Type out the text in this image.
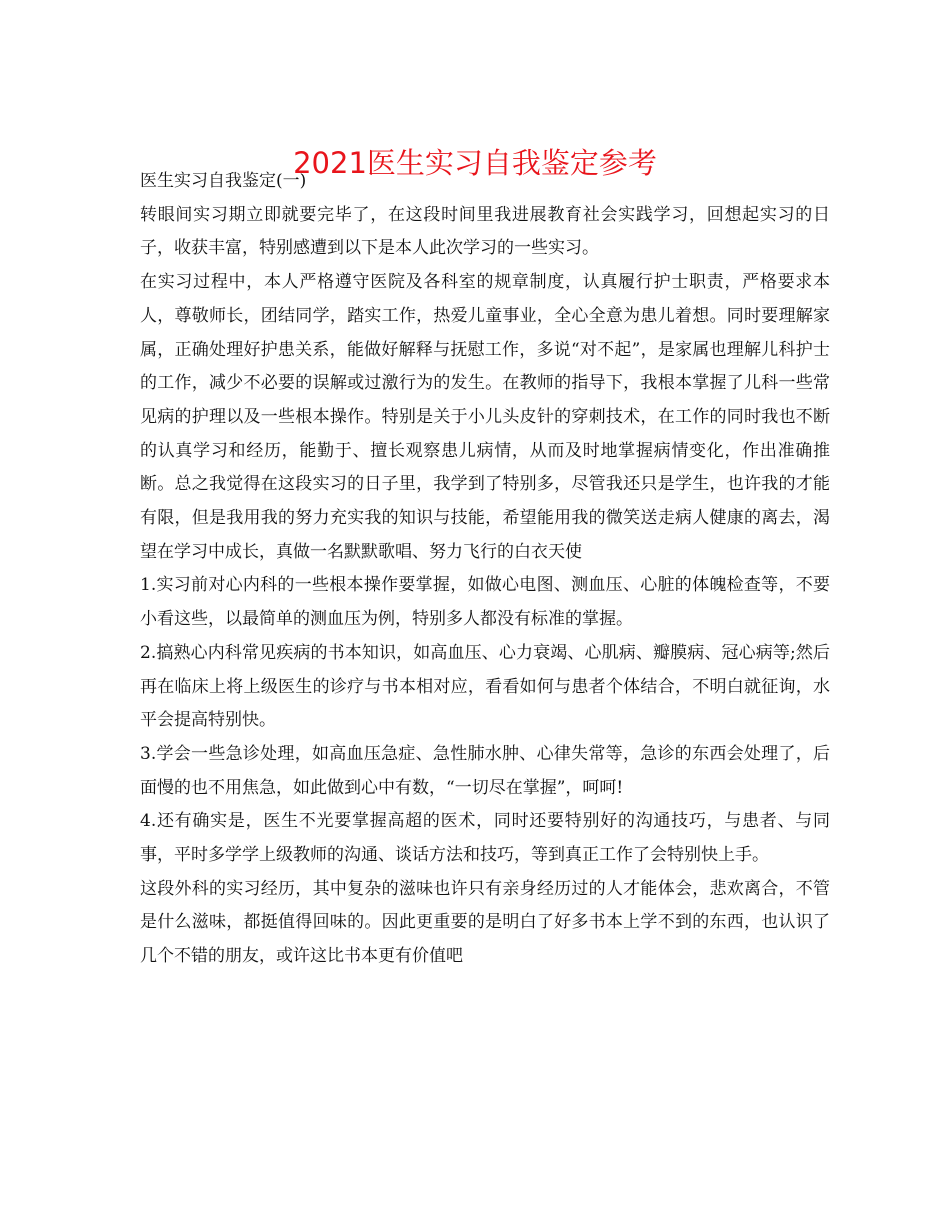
2021医生实习自我鉴定参考

医生实习自我鉴定(一)

转眼间实习期立即就要完毕了，在这段时间里我进展教育社会实践学习，回想起实习的日子，收获丰富，特别感遭到以下是本人此次学习的一些实习。

在实习过程中，本人严格遵守医院及各科室的规章制度，认真履行护士职责，严格要求本人，尊敬师长，团结同学，踏实工作，热爱儿童事业，全心全意为患儿着想。同时要理解家属，正确处理好护患关系，能做好解释与抚慰工作，多说“对不起”，是家属也理解儿科护士的工作，减少不必要的误解或过激行为的发生。在教师的指导下，我根本掌握了儿科一些常见病的护理以及一些根本操作。特别是关于小儿头皮针的穿刺技术，在工作的同时我也不断的认真学习和经历，能勤于、擅长观察患儿病情，从而及时地掌握病情变化，作出准确推断。总之我觉得在这段实习的日子里，我学到了特别多，尽管我还只是学生，也许我的才能有限，但是我用我的努力充实我的知识与技能，希望能用我的微笑送走病人健康的离去，渴望在学习中成长，真做一名默默歌唱、努力飞行的白衣天使

1.实习前对心内科的一些根本操作要掌握，如做心电图、测血压、心脏的体魄检查等，不要小看这些，以最简单的测血压为例，特别多人都没有标准的掌握。

2.搞熟心内科常见疾病的书本知识，如高血压、心力衰竭、心肌病、瓣膜病、冠心病等;然后再在临床上将上级医生的诊疗与书本相对应，看看如何与患者个体结合，不明白就征询，水平会提高特别快。

3.学会一些急诊处理，如高血压急症、急性肺水肿、心律失常等，急诊的东西会处理了，后面慢的也不用焦急，如此做到心中有数，“一切尽在掌握”，呵呵!

4.还有确实是，医生不光要掌握高超的医术，同时还要特别好的沟通技巧，与患者、与同事，平时多学学上级教师的沟通、谈话方法和技巧，等到真正工作了会特别快上手。

这段外科的实习经历，其中复杂的滋味也许只有亲身经历过的人才能体会，悲欢离合，不管是什么滋味，都挺值得回味的。因此更重要的是明白了好多书本上学不到的东西，也认识了几个不错的朋友，或许这比书本更有价值吧
